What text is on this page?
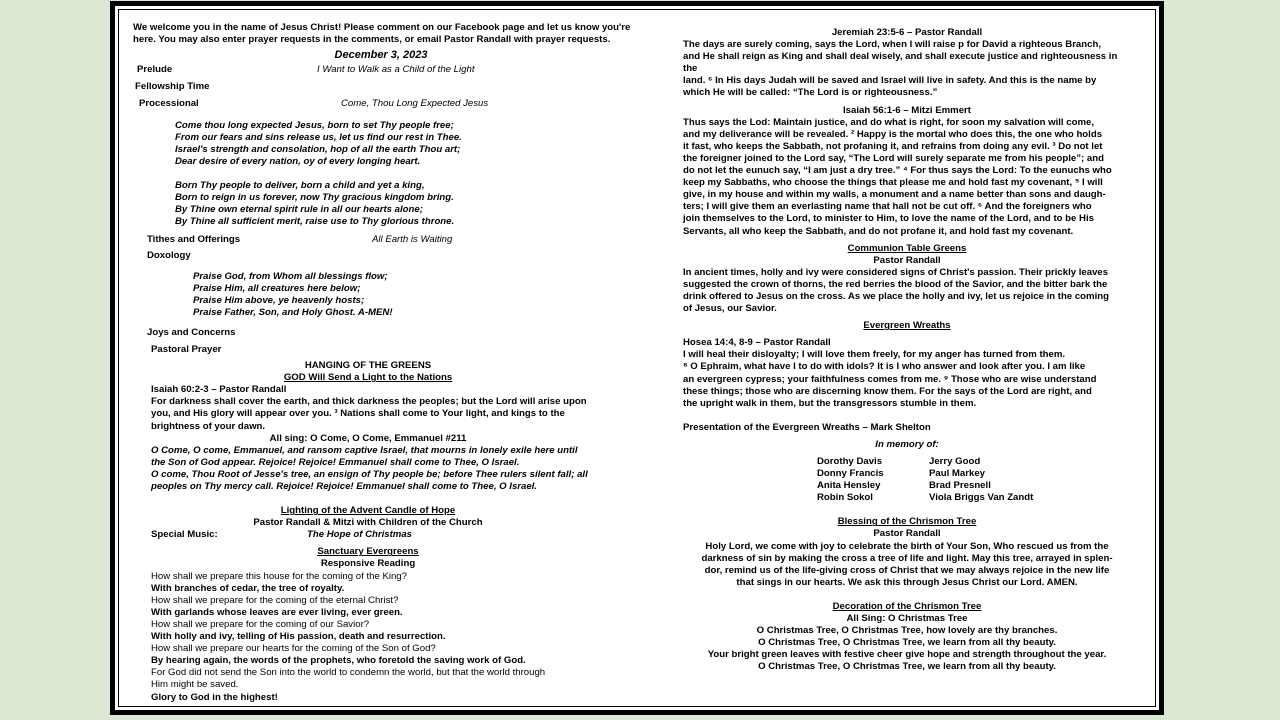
We welcome you in the name of Jesus Christ! Please comment on our Facebook page and let us know you're

here. You may also enter prayer requests in the comments, or email Pastor Randall with prayer requests.

December 3, 2023

Prelude	I Want to Walk as a Child of the Light

Fellowship Time

Processional	Come, Thou Long Expected Jesus

Come thou long expected Jesus, born to set Thy people free;

From our fears and sins release us, let us find our rest in Thee.

Israel's strength and consolation, hop of all the earth Thou art;

Dear desire of every nation, oy of every longing heart.

Born Thy people to deliver, born a child and yet a king,

Born to reign in us forever, now Thy gracious kingdom bring.

By Thine own eternal spirit rule in all our hearts alone;

By Thine all sufficient merit, raise use to Thy glorious throne.

Tithes and Offerings	All Earth is Waiting

Doxology

Praise God, from Whom all blessings flow;

Praise Him, all creatures here below;

Praise Him above, ye heavenly hosts;

Praise Father, Son, and Holy Ghost. A-MEN!

Joys and Concerns

Pastoral Prayer

HANGING OF THE GREENS

GOD Will Send a Light to the Nations

Isaiah 60:2-3 – Pastor Randall

For darkness shall cover the earth, and thick darkness the peoples; but the Lord will arise upon

you, and His glory will appear over you. ³ Nations shall come to Your light, and kings to the

brightness of your dawn.

All sing: O Come, O Come, Emmanuel #211

O Come, O come, Emmanuel, and ransom captive Israel, that mourns in lonely exile here until

the Son of God appear. Rejoice! Rejoice! Emmanuel shall come to Thee, O Israel.

O come, Thou Root of Jesse's tree, an ensign of Thy people be; before Thee rulers silent fall; all

peoples on Thy mercy call. Rejoice! Rejoice! Emmanuel shall come to Thee, O Israel.

Lighting of the Advent Candle of Hope

Pastor Randall & Mitzi with Children of the Church

Special Music:	The Hope of Christmas

Sanctuary Evergreens

Responsive Reading

How shall we prepare this house for the coming of the King?

With branches of cedar, the tree of royalty.

How shall we prepare for the coming of the eternal Christ?

With garlands whose leaves are ever living, ever green.

How shall we prepare for the coming of our Savior?

With holly and ivy, telling of His passion, death and resurrection.

How shall we prepare our hearts for the coming of the Son of God?

By hearing again, the words of the prophets, who foretold the saving work of God.

For God did not send the Son into the world to condemn the world, but that the world through

Him might be saved.

Glory to God in the highest!

Jeremiah 23:5-6 – Pastor Randall

The days are surely coming, says the Lord, when I will raise p for David a righteous Branch,

and He shall reign as King and shall deal wisely, and shall execute justice and righteousness in the

land. ⁶ In His days Judah will be saved and Israel will live in safety. And this is the name by

which He will be called: “The Lord is or righteousness.”

Isaiah 56:1-6 – Mitzi Emmert

Thus says the Lod: Maintain justice, and do what is right, for soon my salvation will come,

and my deliverance will be revealed. ² Happy is the mortal who does this, the one who holds

it fast, who keeps the Sabbath, not profaning it, and refrains from doing any evil. ³ Do not let

the foreigner joined to the Lord say, “The Lord will surely separate me from his people”; and

do not let the eunuch say, “I am just a dry tree.” ⁴ For thus says the Lord: To the eunuchs who

keep my Sabbaths, who choose the things that please me and hold fast my covenant, ⁵ I will

give, in my house and within my walls, a monument and a name better than sons and daugh-

ters; I will give them an everlasting name that hall not be cut off. ⁶ And the foreigners who

join themselves to the Lord, to minister to Him, to love the name of the Lord, and to be His

Servants, all who keep the Sabbath, and do not profane it, and hold fast my covenant.

Communion Table Greens

Pastor Randall

In ancient times, holly and ivy were considered signs of Christ's passion. Their prickly leaves

suggested the crown of thorns, the red berries the blood of the Savior, and the bitter bark the

drink offered to Jesus on the cross. As we place the holly and ivy, let us rejoice in the coming

of Jesus, our Savior.

Evergreen Wreaths

Hosea 14:4, 8-9 – Pastor Randall

I will heal their disloyalty; I will love them freely, for my anger has turned from them.

⁸ O Ephraim, what have I to do with idols? It is I who answer and look after you. I am like

an evergreen cypress; your faithfulness comes from me. ⁹ Those who are wise understand

these things; those who are discerning know them. For the says of the Lord are right, and

the upright walk in them, but the transgressors stumble in them.

Presentation of the Evergreen Wreaths – Mark Shelton

In memory of:

Dorothy Davis	Jerry Good
Donny Francis	Paul Markey
Anita Hensley	Brad Presnell
Robin Sokol	Viola Briggs Van Zandt

Blessing of the Chrismon Tree

Pastor Randall

Holy Lord, we come with joy to celebrate the birth of Your Son, Who rescued us from the

darkness of sin by making the cross a tree of life and light. May this tree, arrayed in splen-

dor, remind us of the life-giving cross of Christ that we may always rejoice in the new life

that sings in our hearts. We ask this through Jesus Christ our Lord. AMEN.

Decoration of the Chrismon Tree

All Sing: O Christmas Tree

O Christmas Tree, O Christmas Tree, how lovely are thy branches.

O Christmas Tree, O Christmas Tree, we learn from all thy beauty.

Your bright green leaves with festive cheer give hope and strength throughout the year.

O Christmas Tree, O Christmas Tree, we learn from all thy beauty.
